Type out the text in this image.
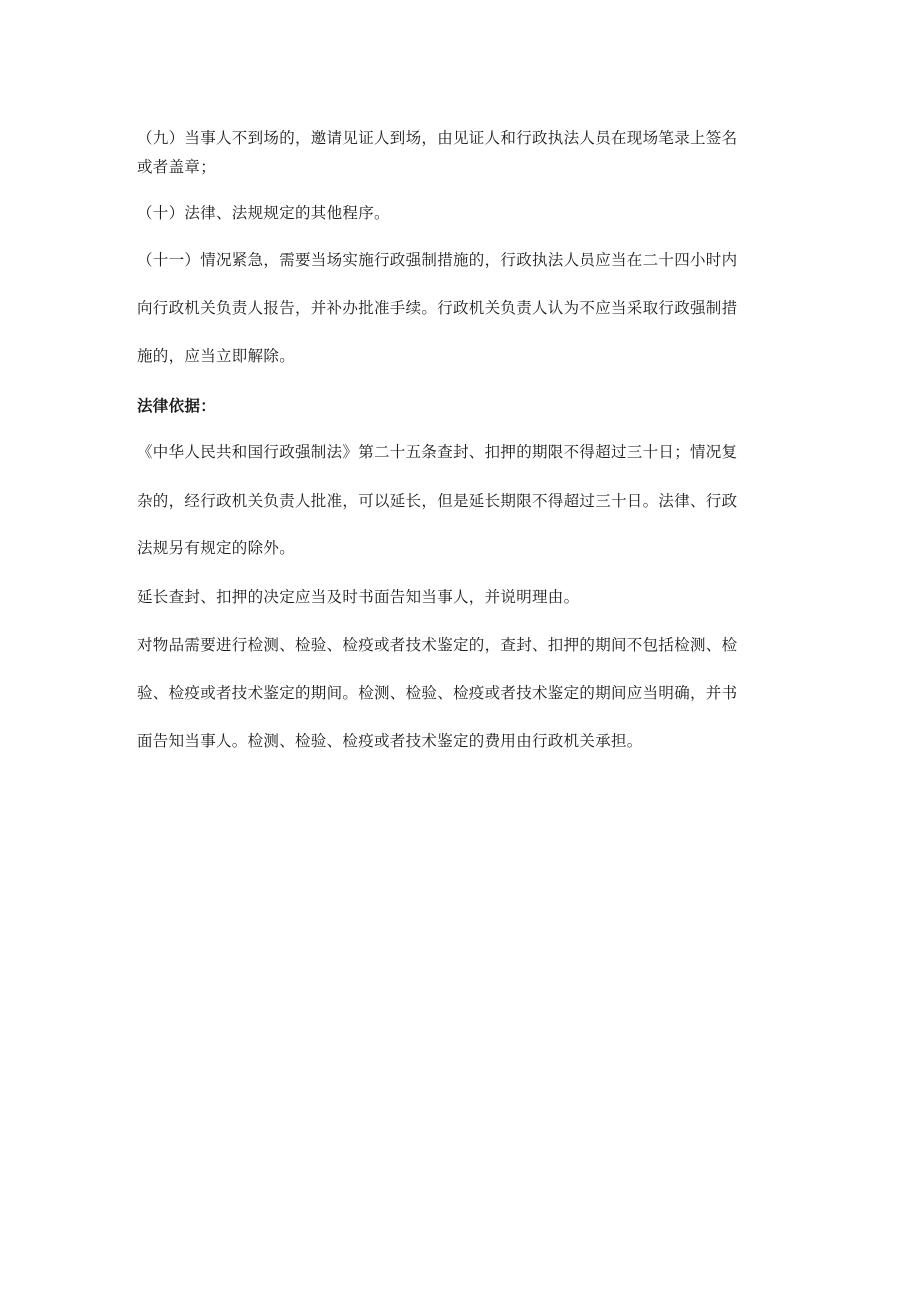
（九）当事人不到场的，邀请见证人到场，由见证人和行政执法人员在现场笔录上签名
或者盖章；
（十）法律、法规规定的其他程序。
（十一）情况紧急，需要当场实施行政强制措施的，行政执法人员应当在二十四小时内
向行政机关负责人报告，并补办批准手续。行政机关负责人认为不应当采取行政强制措
施的，应当立即解除。
法律依据：
《中华人民共和国行政强制法》第二十五条查封、扣押的期限不得超过三十日；情况复
杂的，经行政机关负责人批准，可以延长，但是延长期限不得超过三十日。法律、行政
法规另有规定的除外。
延长查封、扣押的决定应当及时书面告知当事人，并说明理由。
对物品需要进行检测、检验、检疫或者技术鉴定的，查封、扣押的期间不包括检测、检
验、检疫或者技术鉴定的期间。检测、检验、检疫或者技术鉴定的期间应当明确，并书
面告知当事人。检测、检验、检疫或者技术鉴定的费用由行政机关承担。
